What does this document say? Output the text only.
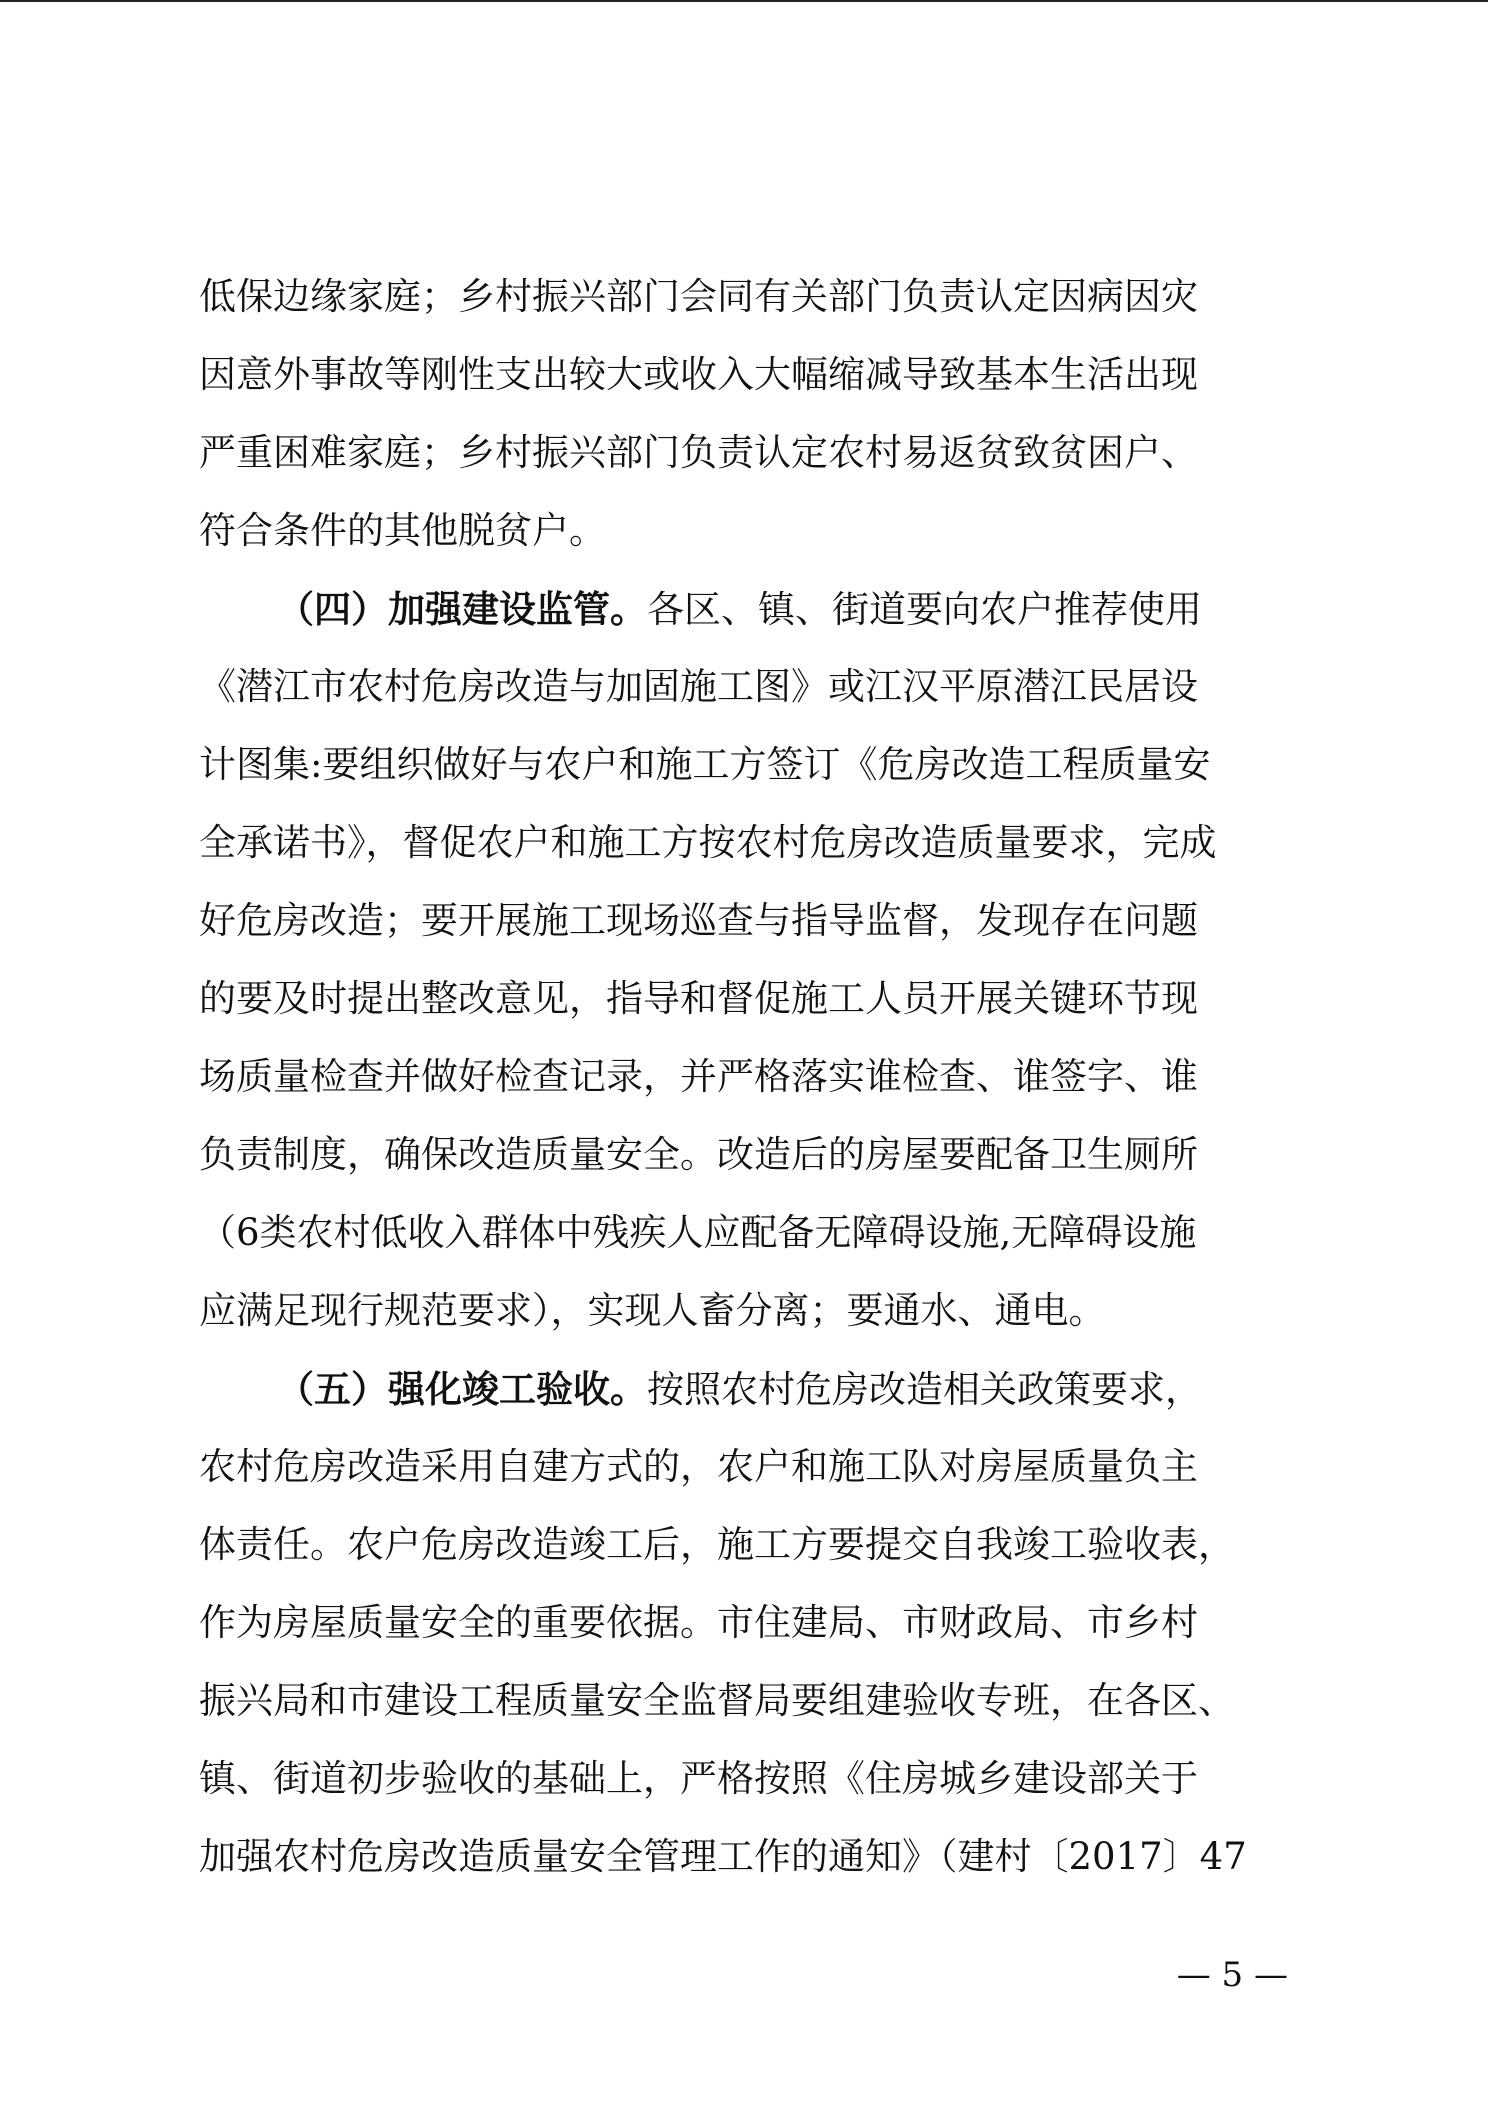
低保边缘家庭；乡村振兴部门会同有关部门负责认定因病因灾
因意外事故等刚性支出较大或收入大幅缩减导致基本生活出现
严重困难家庭；乡村振兴部门负责认定农村易返贫致贫困户、
符合条件的其他脱贫户。
（四）加强建设监管。各区、镇、街道要向农户推荐使用
《潜江市农村危房改造与加固施工图》或江汉平原潜江民居设
计图集:要组织做好与农户和施工方签订《危房改造工程质量安
全承诺书》，督促农户和施工方按农村危房改造质量要求，完成
好危房改造；要开展施工现场巡查与指导监督，发现存在问题
的要及时提出整改意见，指导和督促施工人员开展关键环节现
场质量检查并做好检查记录，并严格落实谁检查、谁签字、谁
负责制度，确保改造质量安全。改造后的房屋要配备卫生厕所
（6类农村低收入群体中残疾人应配备无障碍设施,无障碍设施
应满足现行规范要求），实现人畜分离；要通水、通电。
（五）强化竣工验收。按照农村危房改造相关政策要求，
农村危房改造采用自建方式的，农户和施工队对房屋质量负主
体责任。农户危房改造竣工后，施工方要提交自我竣工验收表，
作为房屋质量安全的重要依据。市住建局、市财政局、市乡村
振兴局和市建设工程质量安全监督局要组建验收专班，在各区、
镇、街道初步验收的基础上，严格按照《住房城乡建设部关于
加强农村危房改造质量安全管理工作的通知》（建村〔2017〕47
— 5 —
